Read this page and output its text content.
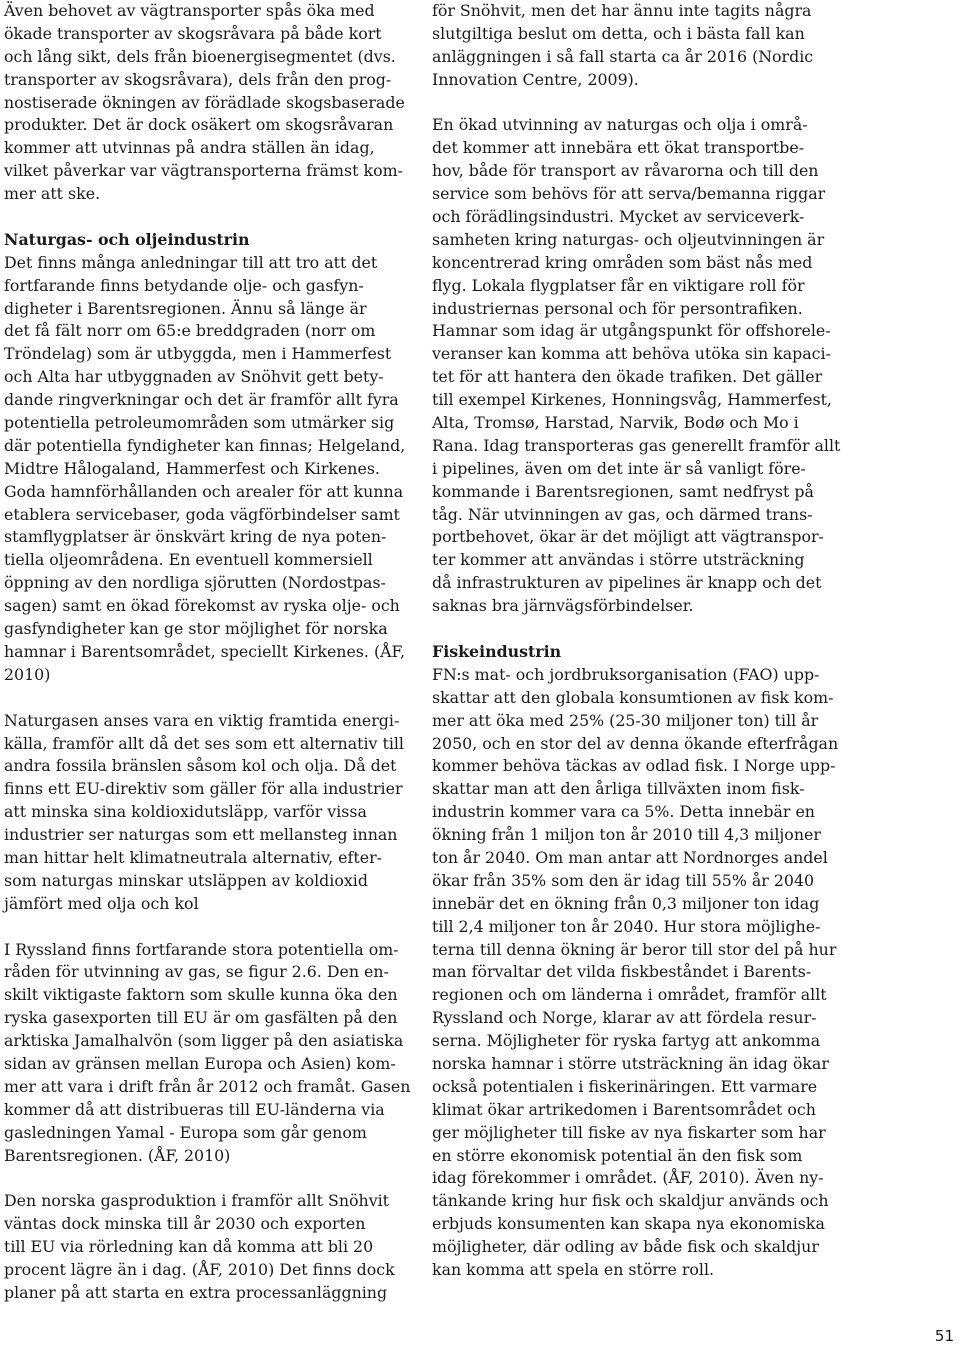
Även behovet av vägtransporter spås öka med
ökade transporter av skogsråvara på både kort
och lång sikt, dels från bioenergisegmentet (dvs.
transporter av skogsråvara), dels från den prog-
nostiserade ökningen av förädlade skogsbaserade
produkter. Det är dock osäkert om skogsråvaran
kommer att utvinnas på andra ställen än idag,
vilket påverkar var vägtransporterna främst kom-
mer att ske.
Naturgas- och oljeindustrin
Det finns många anledningar till att tro att det
fortfarande finns betydande olje- och gasfyn-
digheter i Barentsregionen. Ännu så länge är
det få fält norr om 65:e breddgraden (norr om
Tröndelag) som är utbyggda, men i Hammerfest
och Alta har utbyggnaden av Snöhvit gett bety-
dande ringverkningar och det är framför allt fyra
potentiella petroleumområden som utmärker sig
där potentiella fyndigheter kan finnas; Helgeland,
Midtre Hålogaland, Hammerfest och Kirkenes.
Goda hamnförhållanden och arealer för att kunna
etablera servicebaser, goda vägförbindelser samt
stamflygplatser är önskvärt kring de nya poten-
tiella oljeområdena. En eventuell kommersiell
öppning av den nordliga sjörutten (Nordostpas-
sagen) samt en ökad förekomst av ryska olje- och
gasfyndigheter kan ge stor möjlighet för norska
hamnar i Barentsområdet, speciellt Kirkenes. (ÅF,
2010)
Naturgasen anses vara en viktig framtida energi-
källa, framför allt då det ses som ett alternativ till
andra fossila bränslen såsom kol och olja. Då det
finns ett EU-direktiv som gäller för alla industrier
att minska sina koldioxidutsläpp, varför vissa
industrier ser naturgas som ett mellansteg innan
man hittar helt klimatneutrala alternativ, efter-
som naturgas minskar utsläppen av koldioxid
jämfört med olja och kol
I Ryssland finns fortfarande stora potentiella om-
råden för utvinning av gas, se figur 2.6. Den en-
skilt viktigaste faktorn som skulle kunna öka den
ryska gasexporten till EU är om gasfälten på den
arktiska Jamalhalvön (som ligger på den asiatiska
sidan av gränsen mellan Europa och Asien) kom-
mer att vara i drift från år 2012 och framåt. Gasen
kommer då att distribueras till EU-länderna via
gasledningen Yamal - Europa som går genom
Barentsregionen. (ÅF, 2010)
Den norska gasproduktion i framför allt Snöhvit
väntas dock minska till år 2030 och exporten
till EU via rörledning kan då komma att bli 20
procent lägre än i dag. (ÅF, 2010) Det finns dock
planer på att starta en extra processanläggning
för Snöhvit, men det har ännu inte tagits några
slutgiltiga beslut om detta, och i bästa fall kan
anläggningen i så fall starta ca år 2016 (Nordic
Innovation Centre, 2009).
En ökad utvinning av naturgas och olja i områ-
det kommer att innebära ett ökat transportbe-
hov, både för transport av råvarorna och till den
service som behövs för att serva/bemanna riggar
och förädlingsindustri. Mycket av serviceverk-
samheten kring naturgas- och oljeutvinningen är
koncentrerad kring områden som bäst nås med
flyg. Lokala flygplatser får en viktigare roll för
industriernas personal och för persontrafiken.
Hamnar som idag är utgångspunkt för offshorele-
veranser kan komma att behöva utöka sin kapaci-
tet för att hantera den ökade trafiken. Det gäller
till exempel Kirkenes, Honningsvåg, Hammerfest,
Alta, Tromsø, Harstad, Narvik, Bodø och Mo i
Rana. Idag transporteras gas generellt framför allt
i pipelines, även om det inte är så vanligt före-
kommande i Barentsregionen, samt nedfryst på
tåg. När utvinningen av gas, och därmed trans-
portbehovet, ökar är det möjligt att vägtranspor-
ter kommer att användas i större utsträckning
då infrastrukturen av pipelines är knapp och det
saknas bra järnvägsförbindelser.
Fiskeindustrin
FN:s mat- och jordbruksorganisation (FAO) upp-
skattar att den globala konsumtionen av fisk kom-
mer att öka med 25% (25-30 miljoner ton) till år
2050, och en stor del av denna ökande efterfrågan
kommer behöva täckas av odlad fisk. I Norge upp-
skattar man att den årliga tillväxten inom fisk-
industrin kommer vara ca 5%. Detta innebär en
ökning från 1 miljon ton år 2010 till 4,3 miljoner
ton år 2040. Om man antar att Nordnorges andel
ökar från 35% som den är idag till 55% år 2040
innebär det en ökning från 0,3 miljoner ton idag
till 2,4 miljoner ton år 2040. Hur stora möjlighe-
terna till denna ökning är beror till stor del på hur
man förvaltar det vilda fiskbeståndet i Barents-
regionen och om länderna i området, framför allt
Ryssland och Norge, klarar av att fördela resur-
serna. Möjligheter för ryska fartyg att ankomma
norska hamnar i större utsträckning än idag ökar
också potentialen i fiskerinäringen. Ett varmare
klimat ökar artrikedomen i Barentsområdet och
ger möjligheter till fiske av nya fiskarter som har
en större ekonomisk potential än den fisk som
idag förekommer i området. (ÅF, 2010). Även ny-
tänkande kring hur fisk och skaldjur används och
erbjuds konsumenten kan skapa nya ekonomiska
möjligheter, där odling av både fisk och skaldjur
kan komma att spela en större roll.
51
